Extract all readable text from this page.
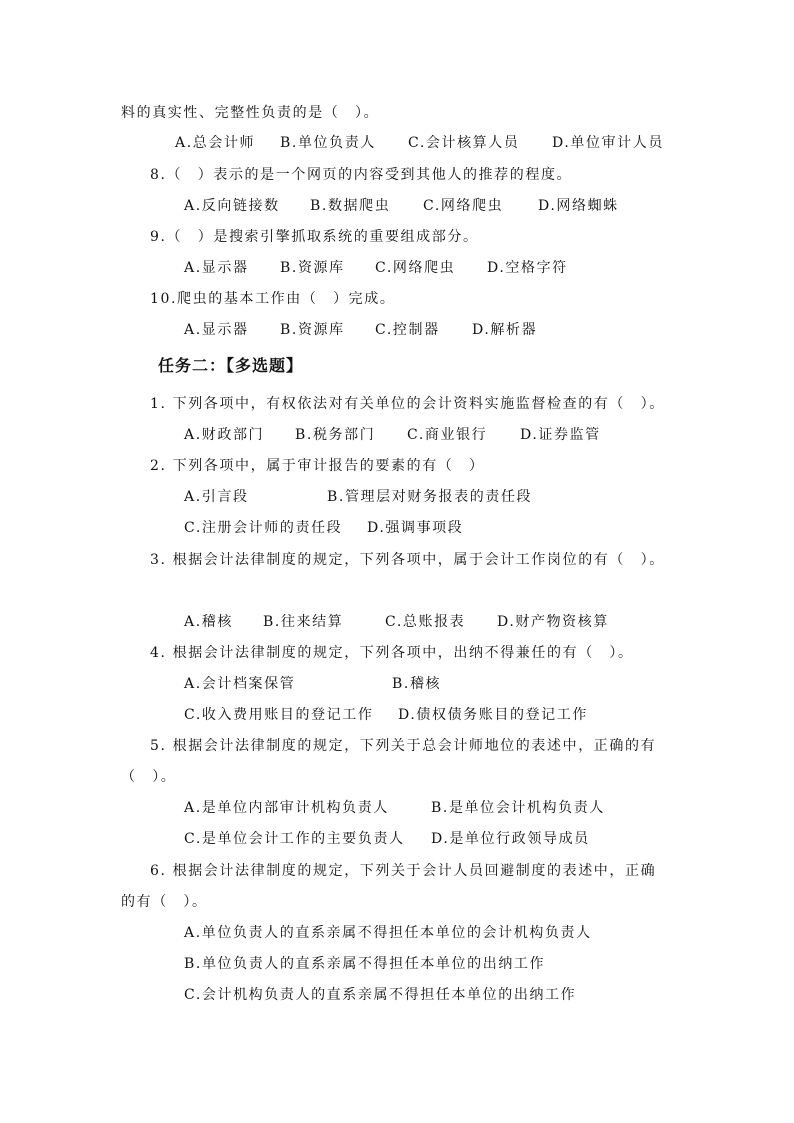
料的真实性、完整性负责的是（　）。
A.总会计师 B.单位负责人 C.会计核算人员 D.单位审计人员
8.（　）表示的是一个网页的内容受到其他人的推荐的程度。
A.反向链接数 B.数据爬虫 C.网络爬虫 D.网络蜘蛛
9.（　）是搜索引擎抓取系统的重要组成部分。
A.显示器 B.资源库 C.网络爬虫 D.空格字符
10.爬虫的基本工作由（　）完成。
A.显示器 B.资源库 C.控制器 D.解析器
任务二：【多选题】
1. 下列各项中，有权依法对有关单位的会计资料实施监督检查的有（　）。
A.财政部门 B.税务部门 C.商业银行 D.证券监管
2. 下列各项中，属于审计报告的要素的有（　）
A.引言段	B.管理层对财务报表的责任段
C.注册会计师的责任段 D.强调事项段
3. 根据会计法律制度的规定，下列各项中，属于会计工作岗位的有（　）。
A.稽核 B.往来结算	C.总账报表 D.财产物资核算
4. 根据会计法律制度的规定，下列各项中，出纳不得兼任的有（　）。
A.会计档案保管	B.稽核
C.收入费用账目的登记工作 D.债权债务账目的登记工作
5. 根据会计法律制度的规定，下列关于总会计师地位的表述中，正确的有
（　）。
A.是单位内部审计机构负责人	B.是单位会计机构负责人
C.是单位会计工作的主要负责人 D.是单位行政领导成员
6. 根据会计法律制度的规定，下列关于会计人员回避制度的表述中，正确
的有（　）。
A.单位负责人的直系亲属不得担任本单位的会计机构负责人
B.单位负责人的直系亲属不得担任本单位的出纳工作
C.会计机构负责人的直系亲属不得担任本单位的出纳工作
